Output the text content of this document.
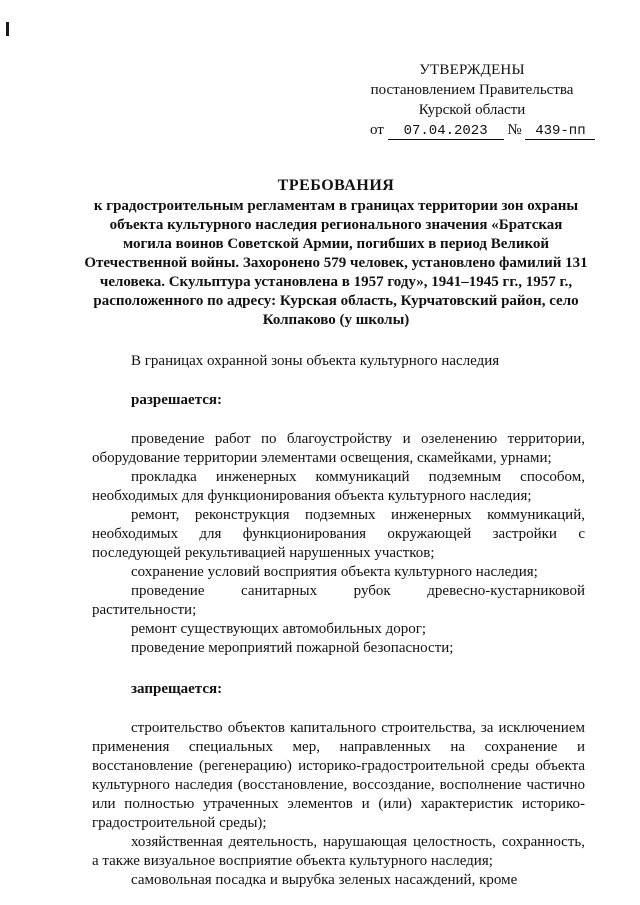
УТВЕРЖДЕНЫ
постановлением Правительства
Курской области
от 07.04.2023 № 439-пп
ТРЕБОВАНИЯ
к градостроительным регламентам в границах территории зон охраны объекта культурного наследия регионального значения «Братская могила воинов Советской Армии, погибших в период Великой Отечественной войны. Захоронено 579 человек, установлено фамилий 131 человека. Скульптура установлена в 1957 году», 1941–1945 гг., 1957 г., расположенного по адресу: Курская область, Курчатовский район, село Колпаково (у школы)

В границах охранной зоны объекта культурного наследия

разрешается:

проведение работ по благоустройству и озеленению территории, оборудование территории элементами освещения, скамейками, урнами;

прокладка инженерных коммуникаций подземным способом, необходимых для функционирования объекта культурного наследия;

ремонт, реконструкция подземных инженерных коммуникаций, необходимых для функционирования окружающей застройки с последующей рекультивацией нарушенных участков;

сохранение условий восприятия объекта культурного наследия;

проведение санитарных рубок древесно-кустарниковой растительности;

ремонт существующих автомобильных дорог;

проведение мероприятий пожарной безопасности;

запрещается:

строительство объектов капитального строительства, за исключением применения специальных мер, направленных на сохранение и восстановление (регенерацию) историко-градостроительной среды объекта культурного наследия (восстановление, воссоздание, восполнение частично или полностью утраченных элементов и (или) характеристик историко-градостроительной среды);

хозяйственная деятельность, нарушающая целостность, сохранность, а также визуальное восприятие объекта культурного наследия;

самовольная посадка и вырубка зеленых насаждений, кроме
